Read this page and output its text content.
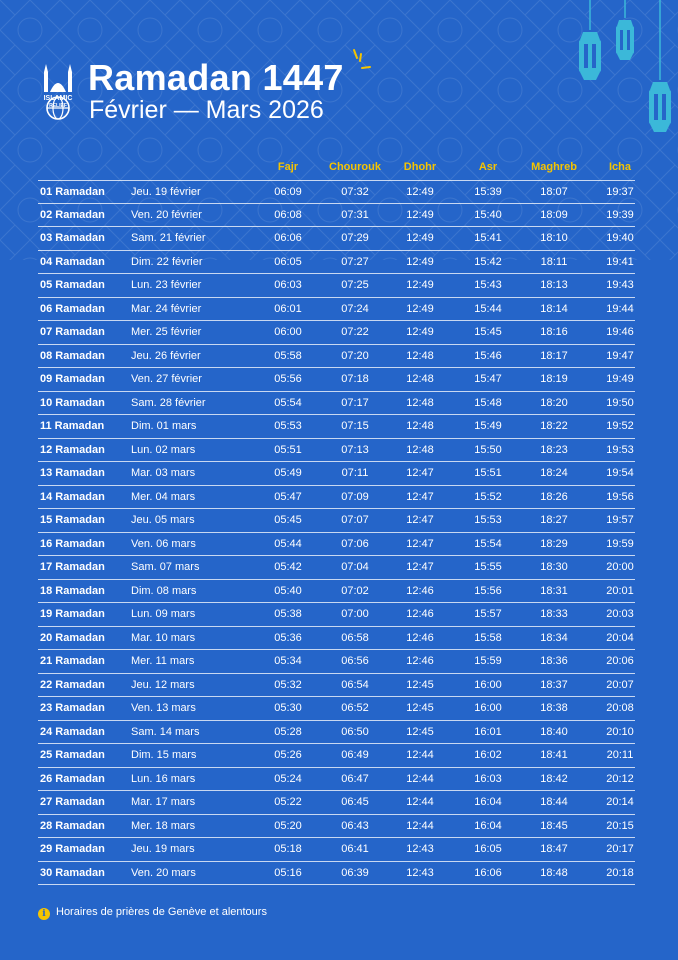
ISLAMIC
RELIEF
Ramadan 1447
Février — Mars 2026
Fajr	Chourouk	Dhohr	Asr	Maghreb	Icha
01 Ramadan Jeu. 19 février	06:09	07:32	12:49	15:39	18:07	19:37
02 Ramadan Ven. 20 février	06:08	07:31	12:49	15:40	18:09	19:39
03 Ramadan Sam. 21 février	06:06	07:29	12:49	15:41	18:10	19:40
04 Ramadan Dim. 22 février	06:05	07:27	12:49	15:42	18:11	19:41
05 Ramadan Lun. 23 février	06:03	07:25	12:49	15:43	18:13	19:43
06 Ramadan Mar. 24 février	06:01	07:24	12:49	15:44	18:14	19:44
07 Ramadan Mer. 25 février	06:00	07:22	12:49	15:45	18:16	19:46
08 Ramadan Jeu. 26 février	05:58	07:20	12:48	15:46	18:17	19:47
09 Ramadan Ven. 27 février	05:56	07:18	12:48	15:47	18:19	19:49
10 Ramadan Sam. 28 février	05:54	07:17	12:48	15:48	18:20	19:50
11 Ramadan Dim. 01 mars	05:53	07:15	12:48	15:49	18:22	19:52
12 Ramadan Lun. 02 mars	05:51	07:13	12:48	15:50	18:23	19:53
13 Ramadan Mar. 03 mars	05:49	07:11	12:47	15:51	18:24	19:54
14 Ramadan Mer. 04 mars	05:47	07:09	12:47	15:52	18:26	19:56
15 Ramadan Jeu. 05 mars	05:45	07:07	12:47	15:53	18:27	19:57
16 Ramadan Ven. 06 mars	05:44	07:06	12:47	15:54	18:29	19:59
17 Ramadan Sam. 07 mars	05:42	07:04	12:47	15:55	18:30	20:00
18 Ramadan Dim. 08 mars	05:40	07:02	12:46	15:56	18:31	20:01
19 Ramadan Lun. 09 mars	05:38	07:00	12:46	15:57	18:33	20:03
20 Ramadan Mar. 10 mars	05:36	06:58	12:46	15:58	18:34	20:04
21 Ramadan Mer. 11 mars	05:34	06:56	12:46	15:59	18:36	20:06
22 Ramadan Jeu. 12 mars	05:32	06:54	12:45	16:00	18:37	20:07
23 Ramadan Ven. 13 mars	05:30	06:52	12:45	16:00	18:38	20:08
24 Ramadan Sam. 14 mars	05:28	06:50	12:45	16:01	18:40	20:10
25 Ramadan Dim. 15 mars	05:26	06:49	12:44	16:02	18:41	20:11
26 Ramadan Lun. 16 mars	05:24	06:47	12:44	16:03	18:42	20:12
27 Ramadan Mar. 17 mars	05:22	06:45	12:44	16:04	18:44	20:14
28 Ramadan Mer. 18 mars	05:20	06:43	12:44	16:04	18:45	20:15
29 Ramadan Jeu. 19 mars	05:18	06:41	12:43	16:05	18:47	20:17
30 Ramadan Ven. 20 mars	05:16	06:39	12:43	16:06	18:48	20:18
i Horaires de prières de Genève et alentours
